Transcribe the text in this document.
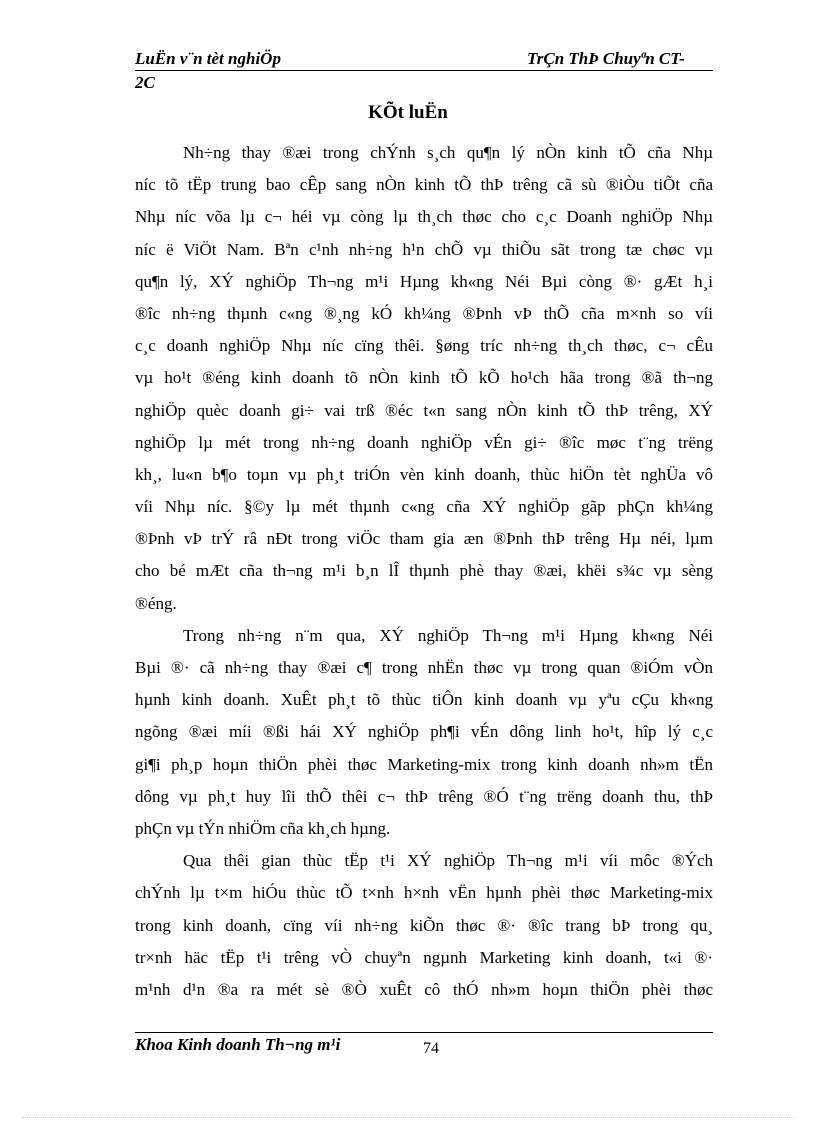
LuËn v¨n tèt nghiÖp	TrÇn ThÞ Chuyªn CT-
2C
KÕt luËn
Nh÷ng thay ®æi trong chÝnh s¸ch qu¶n lý nÒn kinh tÕ cña Nhµ
níc tõ tËp trung bao cÊp sang nÒn kinh tÕ thÞ trêng cã sù ®iÒu tiÕt cña
Nhµ níc võa lµ c¬ héi vµ còng lµ th¸ch thøc cho c¸c Doanh nghiÖp Nhµ
níc ë ViÖt Nam. Bªn c¹nh nh÷ng h¹n chÕ vµ thiÕu sãt trong tæ chøc vµ
qu¶n lý, XÝ nghiÖp Th¬ng m¹i Hµng kh«ng Néi Bµi còng ®· gÆt h¸i
®îc nh÷ng thµnh c«ng ®¸ng kÓ kh¼ng ®Þnh vÞ thÕ cña m×nh so víi
c¸c doanh nghiÖp Nhµ níc cïng thêi. §øng tríc nh÷ng th¸ch thøc, c¬ cÊu
vµ ho¹t ®éng kinh doanh tõ nÒn kinh tÕ kÕ ho¹ch hãa trong ®ã th¬ng
nghiÖp quèc doanh gi÷ vai trß ®éc t«n sang nÒn kinh tÕ thÞ trêng, XÝ
nghiÖp lµ mét trong nh÷ng doanh nghiÖp vÉn gi÷ ®îc møc t¨ng trëng
kh¸, lu«n b¶o toµn vµ ph¸t triÓn vèn kinh doanh, thùc hiÖn tèt nghÜa vô
víi Nhµ níc. §©y lµ mét thµnh c«ng cña XÝ nghiÖp gãp phÇn kh¼ng
®Þnh vÞ trÝ râ nÐt trong viÖc tham gia æn ®Þnh thÞ trêng Hµ néi, lµm
cho bé mÆt cña th¬ng m¹i b¸n lÎ thµnh phè thay ®æi, khëi s¾c vµ sèng
®éng.
Trong nh÷ng n¨m qua, XÝ nghiÖp Th¬ng m¹i Hµng kh«ng Néi
Bµi ®· cã nh÷ng thay ®æi c¶ trong nhËn thøc vµ trong quan ®iÓm vÒn
hµnh kinh doanh. XuÊt ph¸t tõ thùc tiÔn kinh doanh vµ yªu cÇu kh«ng
ngõng ®æi míi ®ßi hái XÝ nghiÖp ph¶i vÉn dông linh ho¹t, hîp lý c¸c
gi¶i ph¸p hoµn thiÖn phèi thøc Marketing-mix trong kinh doanh nh»m tËn
dông vµ ph¸t huy lîi thÕ thêi c¬ thÞ trêng ®Ó t¨ng trëng doanh thu, thÞ
phÇn vµ tÝn nhiÖm cña kh¸ch hµng.
Qua thêi gian thùc tËp t¹i XÝ nghiÖp Th¬ng m¹i víi môc ®Ých
chÝnh lµ t×m hiÓu thùc tÕ t×nh h×nh vËn hµnh phèi thøc Marketing-mix
trong kinh doanh, cïng víi nh÷ng kiÕn thøc ®· ®îc trang bÞ trong qu¸
tr×nh häc tËp t¹i trêng vÒ chuyªn ngµnh Marketing kinh doanh, t«i ®·
m¹nh d¹n ®a ra mét sè ®Ò xuÊt cô thÓ nh»m hoµn thiÖn phèi thøc
Khoa Kinh doanh Th¬ng m¹i	74
